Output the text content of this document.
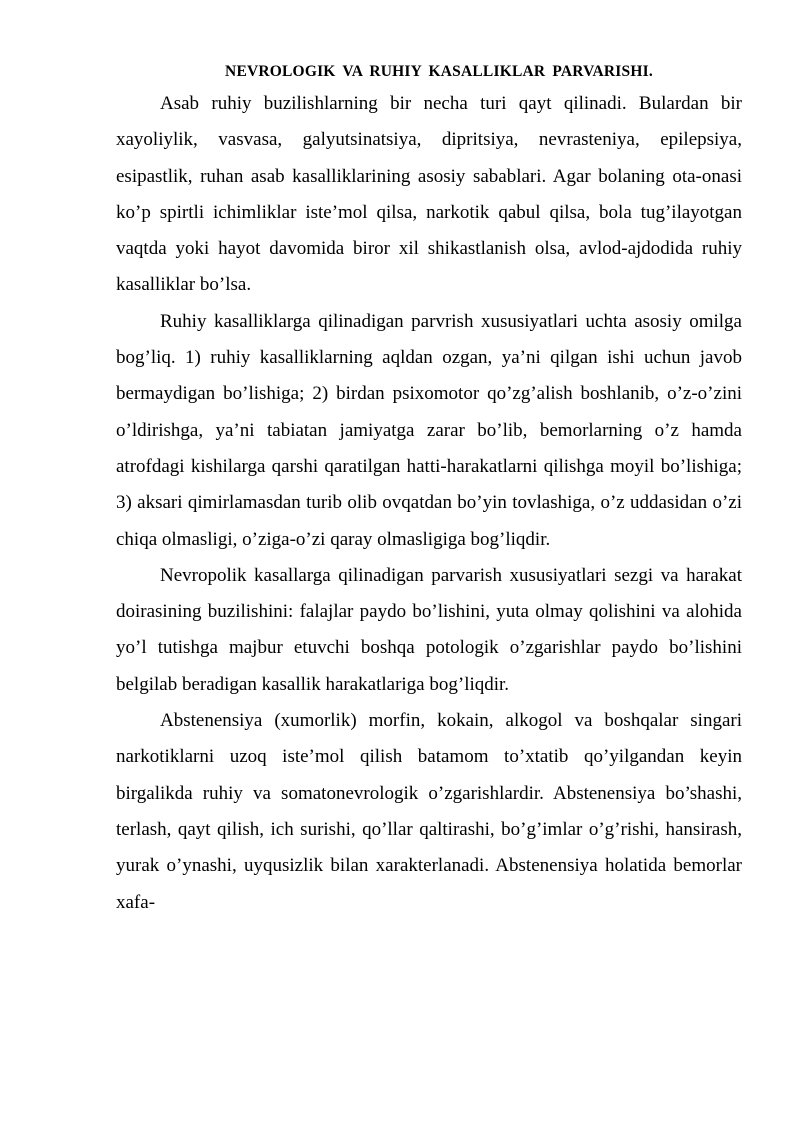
NEVROLOGIK VA RUHIY KASALLIKLAR PARVARISHI.

Asab ruhiy buzilishlarning bir necha turi qayt qilinadi. Bulardan bir xayoliylik, vasvasa, galyutsinatsiya, dipritsiya, nevrasteniya, epilepsiya, esipastlik, ruhan asab kasalliklarining asosiy sabablari. Agar bolaning ota-onasi ko’p spirtli ichimliklar iste’mol qilsa, narkotik qabul qilsa, bola tug’ilayotgan vaqtda yoki hayot davomida biror xil shikastlanish olsa, avlod-ajdodida ruhiy kasalliklar bo’lsa.

Ruhiy kasalliklarga qilinadigan parvrish xususiyatlari uchta asosiy omilga bog’liq. 1) ruhiy kasalliklarning aqldan ozgan, ya’ni qilgan ishi uchun javob bermaydigan bo’lishiga; 2) birdan psixomotor qo’zg’alish boshlanib, o’z-o’zini o’ldirishga, ya’ni tabiatan jamiyatga zarar bo’lib, bemorlarning o’z hamda atrofdagi kishilarga qarshi qaratilgan hatti-harakatlarni qilishga moyil bo’lishiga; 3) aksari qimirlamasdan turib olib ovqatdan bo’yin tovlashiga, o’z uddasidan o’zi chiqa olmasligi, o’ziga-o’zi qaray olmasligiga bog’liqdir.

Nevropolik kasallarga qilinadigan parvarish xususiyatlari sezgi va harakat doirasining buzilishini: falajlar paydo bo’lishini, yuta olmay qolishini va alohida yo’l tutishga majbur etuvchi boshqa potologik o’zgarishlar paydo bo’lishini belgilab beradigan kasallik harakatlariga bog’liqdir.

Abstenensiya (xumorlik) morfin, kokain, alkogol va boshqalar singari narkotiklarni uzoq iste’mol qilish batamom to’xtatib qo’yilgandan keyin birgalikda ruhiy va somatonevrologik o’zgarishlardir. Abstenensiya bo’shashi, terlash, qayt qilish, ich surishi, qo’llar qaltirashi, bo’g’imlar o’g’rishi, hansirash, yurak o’ynashi, uyqusizlik bilan xarakterlanadi. Abstenensiya holatida bemorlar xafa-
